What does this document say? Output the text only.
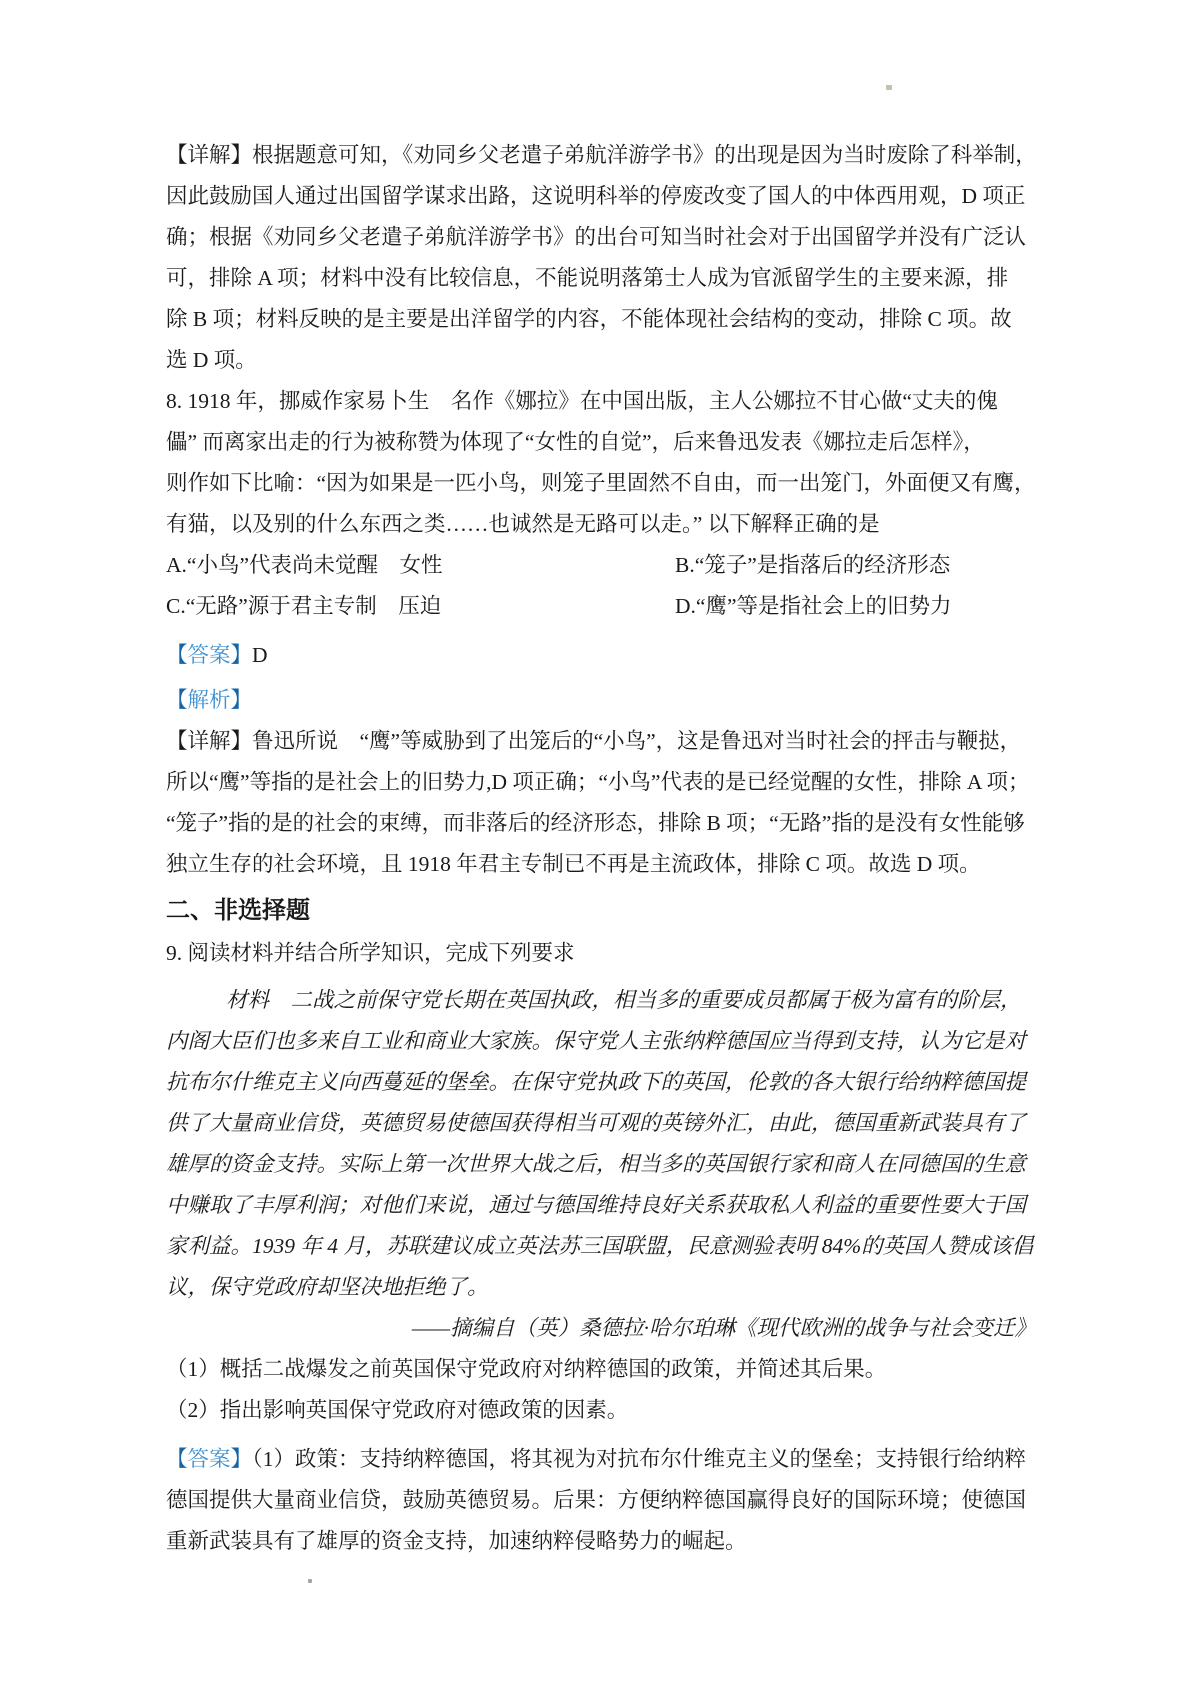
【详解】根据题意可知，《劝同乡父老遣子弟航洋游学书》的出现是因为当时废除了科举制，
因此鼓励国人通过出国留学谋求出路，这说明科举的停废改变了国人的中体西用观，D 项正
确；根据《劝同乡父老遣子弟航洋游学书》的出台可知当时社会对于出国留学并没有广泛认
可，排除 A 项；材料中没有比较信息，不能说明落第士人成为官派留学生的主要来源，排
除 B 项；材料反映的是主要是出洋留学的内容，不能体现社会结构的变动，排除 C 项。故
选 D 项。
8. 1918 年，挪威作家易卜生　名作《娜拉》在中国出版，主人公娜拉不甘心做“丈夫的傀
儡” 而离家出走的行为被称赞为体现了“女性的自觉”，后来鲁迅发表《娜拉走后怎样》，
则作如下比喻：“因为如果是一匹小鸟，则笼子里固然不自由，而一出笼门，外面便又有鹰，
有猫，以及别的什么东西之类……也诚然是无路可以走。” 以下解释正确的是
A.“小鸟”代表尚未觉醒　女性	B.“笼子”是指落后的经济形态
C.“无路”源于君主专制　压迫	D.“鹰”等是指社会上的旧势力
【答案】D
【解析】
【详解】鲁迅所说　“鹰”等威胁到了出笼后的“小鸟”，这是鲁迅对当时社会的抨击与鞭挞，
所以“鹰”等指的是社会上的旧势力,D 项正确；“小鸟”代表的是已经觉醒的女性，排除 A 项；
“笼子”指的是的社会的束缚，而非落后的经济形态，排除 B 项；“无路”指的是没有女性能够
独立生存的社会环境，且 1918 年君主专制已不再是主流政体，排除 C 项。故选 D 项。
二、非选择题
9. 阅读材料并结合所学知识，完成下列要求
材料　二战之前保守党长期在英国执政，相当多的重要成员都属于极为富有的阶层，
内阁大臣们也多来自工业和商业大家族。保守党人主张纳粹德国应当得到支持，认为它是对
抗布尔什维克主义向西蔓延的堡垒。在保守党执政下的英国，伦敦的各大银行给纳粹德国提
供了大量商业信贷，英德贸易使德国获得相当可观的英镑外汇，由此，德国重新武装具有了
雄厚的资金支持。实际上第一次世界大战之后，相当多的英国银行家和商人在同德国的生意
中赚取了丰厚利润；对他们来说，通过与德国维持良好关系获取私人利益的重要性要大于国
家利益。1939 年 4 月，苏联建议成立英法苏三国联盟，民意测验表明 84%的英国人赞成该倡
议，保守党政府却坚决地拒绝了。
——摘编自（英）桑德拉·哈尔珀琳《现代欧洲的战争与社会变迁》
（1）概括二战爆发之前英国保守党政府对纳粹德国的政策，并简述其后果。
（2）指出影响英国保守党政府对德政策的因素。
【答案】（1）政策：支持纳粹德国，将其视为对抗布尔什维克主义的堡垒；支持银行给纳粹
德国提供大量商业信贷，鼓励英德贸易。后果：方便纳粹德国赢得良好的国际环境；使德国
重新武装具有了雄厚的资金支持，加速纳粹侵略势力的崛起。
